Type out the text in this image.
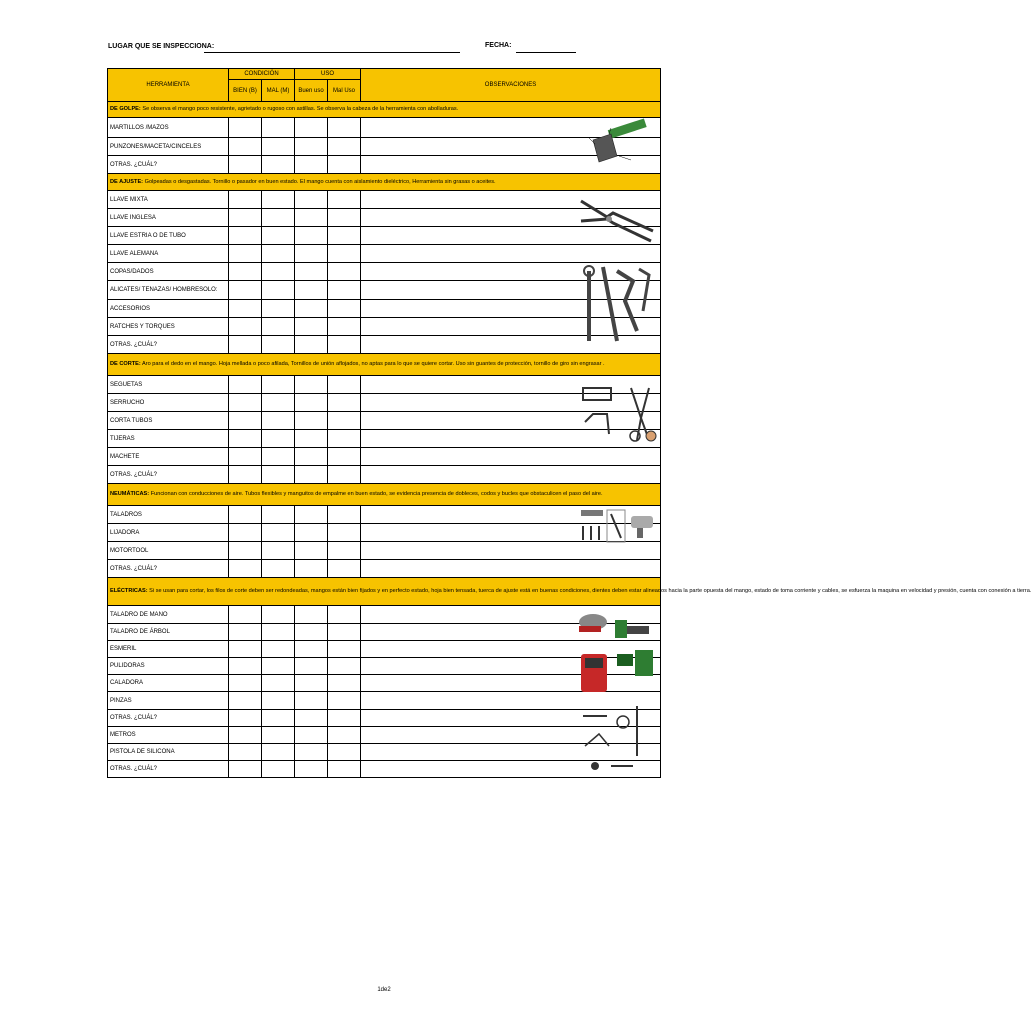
LUGAR QUE SE INSPECCIONA:	FECHA:
HERRAMIENTA	CONDICIÓN		USO		OBSERVACIONES
	BIEN (B)	MAL (M)	Buen uso	Mal Uso	
DE GOLPE: Se observa el mango poco resistente, agrietado o rugoso con astillas. Se observa la cabeza de la herramienta con abolladuras.					
MARTILLOS /MAZOS					
PUNZONES/MACETA/CINCELES					
OTRAS. ¿CUÁL?					
DE AJUSTE: Golpeadas o desgastadas. Tornillo o pasador en buen estado. El mango cuenta con aislamiento dieléctrico, Herramienta sin grasas o aceites.					
LLAVE MIXTA					
LLAVE INGLESA					
LLAVE ESTRIA O DE TUBO					
LLAVE ALEMANA					
COPAS/DADOS					
ALICATES/ TENAZAS/ HOMBRESOLO:					
ACCESORIOS					
RATCHES Y TORQUES					
OTRAS. ¿CUÁL?					
DE CORTE: Aro para el dedo en el mango. Hoja mellada o poco afilada, Tornillos de unión aflojados, no aptas para lo que se quiere cortar. Uso sin guantes de protección, tornillo de giro sin engrasar .					
SEGUETAS					
SERRUCHO					
CORTA TUBOS					
TIJERAS					
MACHETE					
OTRAS. ¿CUÁL?					
NEUMÁTICAS: Funcionan con conducciones de aire. Tubos flexibles y manguitos de empalme en buen estado, se evidencia presencia de dobleces, codos y bucles que obstaculicen el paso del aire.					
TALADROS					
LIJADORA					
MOTORTOOL					
OTRAS. ¿CUÁL?					
ELÉCTRICAS: Si se usan para cortar, los filos de corte deben ser redondeadas, mangos están bien fijados y en perfecto estado, hoja bien tensada, tuerca de ajuste está en buenas condiciones, dientes deben estar alineados hacia la parte opuesta del mango, estado de toma corriente y cables, se esfuerza la maquina en velocidad y presión, cuenta con conexión a tierra.					
TALADRO DE MANO					
TALADRO DE ÁRBOL					
ESMERIL					
PULIDORAS					
CALADORA					
PINZAS					
OTRAS. ¿CUÁL?					
METROS					
PISTOLA DE SILICONA					
OTRAS. ¿CUÁL?					
1de2
